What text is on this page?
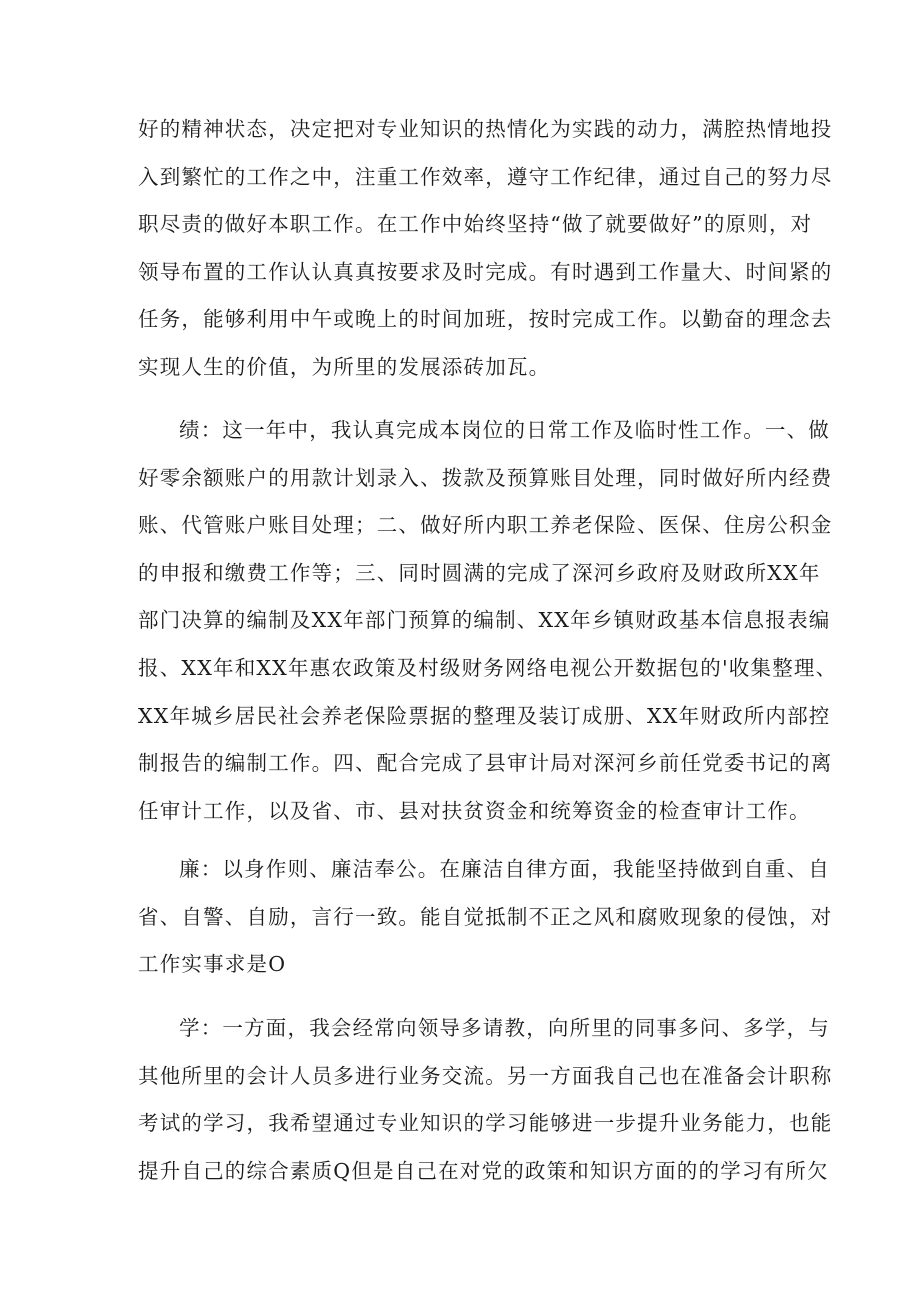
好的精神状态，决定把对专业知识的热情化为实践的动力，满腔热情地投
入到繁忙的工作之中，注重工作效率，遵守工作纪律，通过自己的努力尽
职尽责的做好本职工作。在工作中始终坚持“做了就要做好”的原则，对
领导布置的工作认认真真按要求及时完成。有时遇到工作量大、时间紧的
任务，能够利用中午或晚上的时间加班，按时完成工作。以勤奋的理念去
实现人生的价值，为所里的发展添砖加瓦。
绩：这一年中，我认真完成本岗位的日常工作及临时性工作。一、做
好零余额账户的用款计划录入、拨款及预算账目处理，同时做好所内经费
账、代管账户账目处理；二、做好所内职工养老保险、医保、住房公积金
的申报和缴费工作等；三、同时圆满的完成了深河乡政府及财政所XX年
部门决算的编制及XX年部门预算的编制、XX年乡镇财政基本信息报表编
报、XX年和XX年惠农政策及村级财务网络电视公开数据包的'收集整理、
XX年城乡居民社会养老保险票据的整理及装订成册、XX年财政所内部控
制报告的编制工作。四、配合完成了县审计局对深河乡前任党委书记的离
任审计工作，以及省、市、县对扶贫资金和统筹资金的检查审计工作。
廉：以身作则、廉洁奉公。在廉洁自律方面，我能坚持做到自重、自
省、自警、自励，言行一致。能自觉抵制不正之风和腐败现象的侵蚀，对
工作实事求是O
学：一方面，我会经常向领导多请教，向所里的同事多问、多学，与
其他所里的会计人员多进行业务交流。另一方面我自己也在准备会计职称
考试的学习，我希望通过专业知识的学习能够进一步提升业务能力，也能
提升自己的综合素质Q但是自己在对党的政策和知识方面的的学习有所欠
